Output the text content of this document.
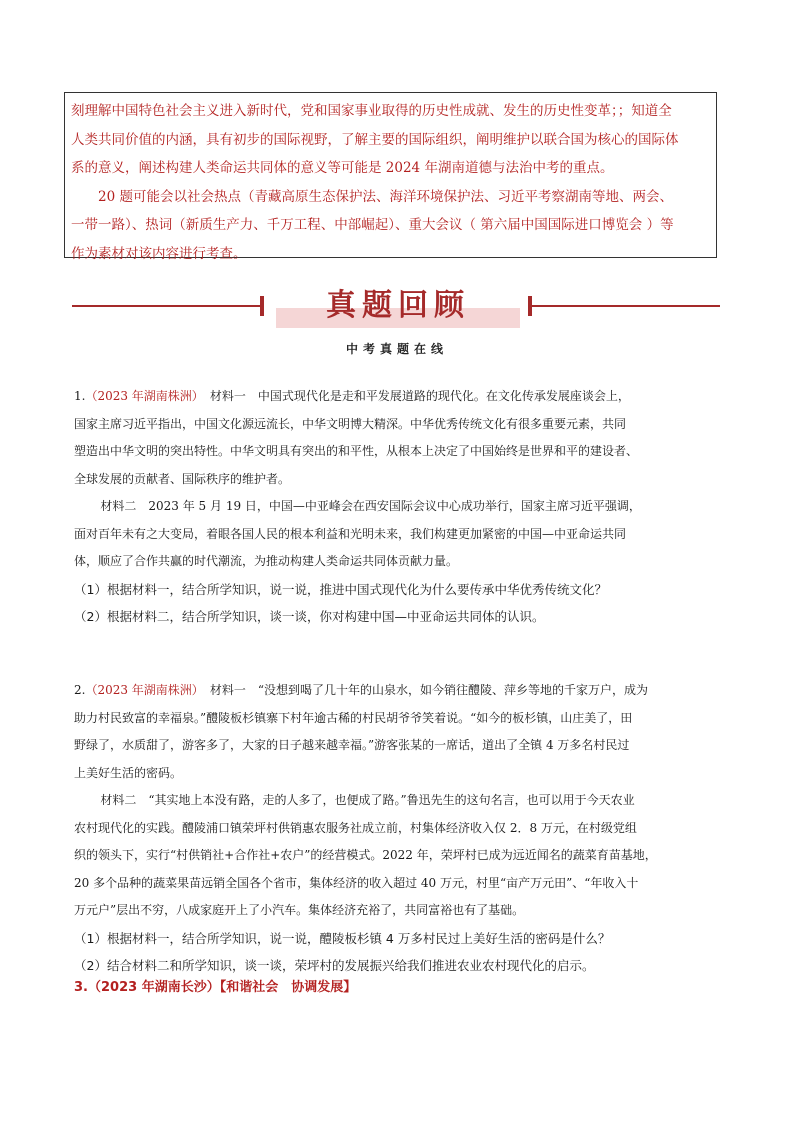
刻理解中国特色社会主义进入新时代，党和国家事业取得的历史性成就、发生的历史性变革；；知道全

人类共同价值的内涵，具有初步的国际视野，了解主要的国际组织，阐明维护以联合国为核心的国际体

系的意义，阐述构建人类命运共同体的意义等可能是 2024 年湖南道德与法治中考的重点。

20 题可能会以社会热点（青藏高原生态保护法、海洋环境保护法、习近平考察湖南等地、两会、

一带一路）、热词（新质生产力、千万工程、中部崛起）、重大会议（ 第六届中国国际进口博览会 ）等

作为素材对该内容进行考查。

真题回顾
中考真题在线

1.（2023 年湖南株洲）　 材料一　中国式现代化是走和平发展道路的现代化。在文化传承发展座谈会上，

国家主席习近平指出，中国文化源远流长，中华文明博大精深。中华优秀传统文化有很多重要元素，共同

塑造出中华文明的突出特性。中华文明具有突出的和平性，从根本上决定了中国始终是世界和平的建设者、

全球发展的贡献者、国际秩序的维护者。

材料二　2023 年 5 月 19 日，中国—中亚峰会在西安国际会议中心成功举行，国家主席习近平强调，

面对百年未有之大变局，着眼各国人民的根本利益和光明未来，我们构建更加紧密的中国—中亚命运共同

体，顺应了合作共赢的时代潮流，为推动构建人类命运共同体贡献力量。

（1）根据材料一，结合所学知识，说一说，推进中国式现代化为什么要传承中华优秀传统文化？

（2）根据材料二，结合所学知识，谈一谈，你对构建中国—中亚命运共同体的认识。

2.（2023 年湖南株洲）　 材料一　“没想到喝了几十年的山泉水，如今销往醴陵、萍乡等地的千家万户，成为

助力村民致富的幸福泉。”醴陵板杉镇寨下村年逾古稀的村民胡爷爷笑着说。“如今的板杉镇，山庄美了，田

野绿了，水质甜了，游客多了，大家的日子越来越幸福。”游客张某的一席话，道出了全镇 4 万多名村民过

上美好生活的密码。

材料二　“其实地上本没有路，走的人多了，也便成了路。”鲁迅先生的这句名言，也可以用于今天农业

农村现代化的实践。醴陵浦口镇荣坪村供销惠农服务社成立前，村集体经济收入仅 2．8 万元，在村级党组

织的领头下，实行“村供销社+合作社+农户”的经营模式。2022 年，荣坪村已成为远近闻名的蔬菜育苗基地，

20 多个品种的蔬菜果苗远销全国各个省市，集体经济的收入超过 40 万元，村里“亩产万元田”、“年收入十

万元户”层出不穷，八成家庭开上了小汽车。集体经济充裕了，共同富裕也有了基础。

（1）根据材料一，结合所学知识，说一说，醴陵板杉镇 4 万多村民过上美好生活的密码是什么？

（2）结合材料二和所学知识，谈一谈，荣坪村的发展振兴给我们推进农业农村现代化的启示。

3.（2023 年湖南长沙）【和谐社会　协调发展】
